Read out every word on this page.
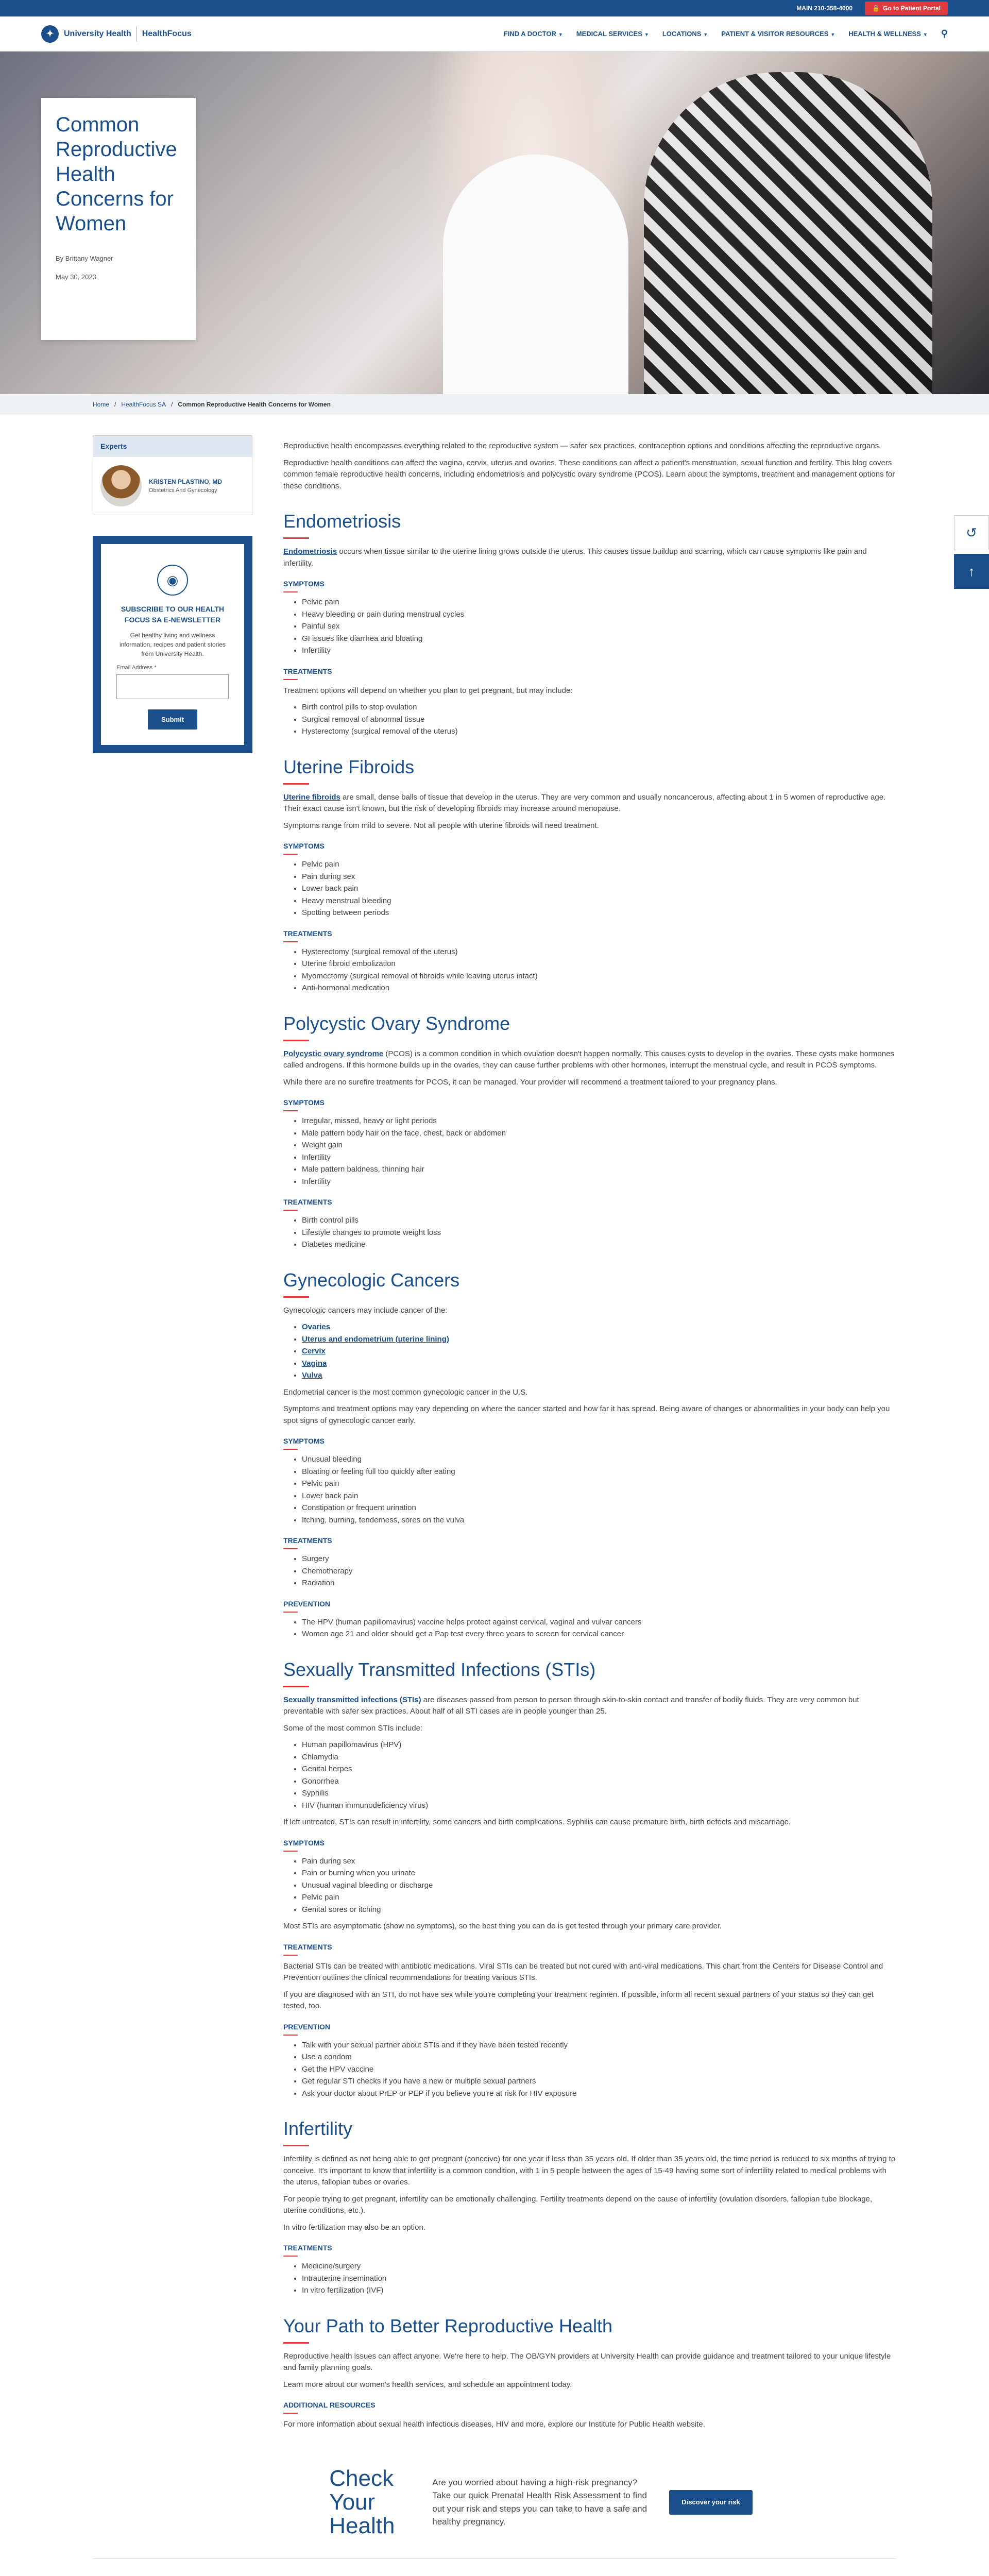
MAIN 210-358-4000	🔒 Go to Patient Portal
✦	University Health HealthFocus	FIND A DOCTOR ▼ MEDICAL SERVICES ▼ LOCATIONS ▼ PATIENT & VISITOR RESOURCES ▼ HEALTH & WELLNESS ▼ ⚲
Common Reproductive Health Concerns for Women
By Brittany Wagner
May 30, 2023
Home / HealthFocus SA / Common Reproductive Health Concerns for Women
Experts
KRISTEN PLASTINO, MD
Obstetrics And Gynecology
◉
SUBSCRIBE TO OUR HEALTH FOCUS SA E-NEWSLETTER

Get healthy living and wellness information, recipes and patient stories from University Health.

Email Address *
Submit

Reproductive health encompasses everything related to the reproductive system — safer sex practices, contraception options and conditions affecting the reproductive organs.

Reproductive health conditions can affect the vagina, cervix, uterus and ovaries. These conditions can affect a patient's menstruation, sexual function and fertility. This blog covers common female reproductive health concerns, including endometriosis and polycystic ovary syndrome (PCOS). Learn about the symptoms, treatment and management options for these conditions.

Endometriosis

Endometriosis occurs when tissue similar to the uterine lining grows outside the uterus. This causes tissue buildup and scarring, which can cause symptoms like pain and infertility.

SYMPTOMS
• Pelvic pain
• Heavy bleeding or pain during menstrual cycles
• Painful sex
• GI issues like diarrhea and bloating
• Infertility
TREATMENTS

Treatment options will depend on whether you plan to get pregnant, but may include:

• Birth control pills to stop ovulation
• Surgical removal of abnormal tissue
• Hysterectomy (surgical removal of the uterus)
Uterine Fibroids

Uterine fibroids are small, dense balls of tissue that develop in the uterus. They are very common and usually noncancerous, affecting about 1 in 5 women of reproductive age. Their exact cause isn't known, but the risk of developing fibroids may increase around menopause.

Symptoms range from mild to severe. Not all people with uterine fibroids will need treatment.

SYMPTOMS
• Pelvic pain
• Pain during sex
• Lower back pain
• Heavy menstrual bleeding
• Spotting between periods
TREATMENTS
• Hysterectomy (surgical removal of the uterus)
• Uterine fibroid embolization
• Myomectomy (surgical removal of fibroids while leaving uterus intact)
• Anti-hormonal medication
Polycystic Ovary Syndrome

Polycystic ovary syndrome (PCOS) is a common condition in which ovulation doesn't happen normally. This causes cysts to develop in the ovaries. These cysts make hormones called androgens. If this hormone builds up in the ovaries, they can cause further problems with other hormones, interrupt the menstrual cycle, and result in PCOS symptoms.

While there are no surefire treatments for PCOS, it can be managed. Your provider will recommend a treatment tailored to your pregnancy plans.

SYMPTOMS
• Irregular, missed, heavy or light periods
• Male pattern body hair on the face, chest, back or abdomen
• Weight gain
• Infertility
• Male pattern baldness, thinning hair
• Infertility
TREATMENTS
• Birth control pills
• Lifestyle changes to promote weight loss
• Diabetes medicine
Gynecologic Cancers

Gynecologic cancers may include cancer of the:

• Ovaries
• Uterus and endometrium (uterine lining)
• Cervix
• Vagina
• Vulva

Endometrial cancer is the most common gynecologic cancer in the U.S.

Symptoms and treatment options may vary depending on where the cancer started and how far it has spread. Being aware of changes or abnormalities in your body can help you spot signs of gynecologic cancer early.

SYMPTOMS
• Unusual bleeding
• Bloating or feeling full too quickly after eating
• Pelvic pain
• Lower back pain
• Constipation or frequent urination
• Itching, burning, tenderness, sores on the vulva
TREATMENTS
• Surgery
• Chemotherapy
• Radiation
PREVENTION
• The HPV (human papillomavirus) vaccine helps protect against cervical, vaginal and vulvar cancers
• Women age 21 and older should get a Pap test every three years to screen for cervical cancer
Sexually Transmitted Infections (STIs)

Sexually transmitted infections (STIs) are diseases passed from person to person through skin-to-skin contact and transfer of bodily fluids. They are very common but preventable with safer sex practices. About half of all STI cases are in people younger than 25.

Some of the most common STIs include:

• Human papillomavirus (HPV)
• Chlamydia
• Genital herpes
• Gonorrhea
• Syphilis
• HIV (human immunodeficiency virus)

If left untreated, STIs can result in infertility, some cancers and birth complications. Syphilis can cause premature birth, birth defects and miscarriage.

SYMPTOMS
• Pain during sex
• Pain or burning when you urinate
• Unusual vaginal bleeding or discharge
• Pelvic pain
• Genital sores or itching

Most STIs are asymptomatic (show no symptoms), so the best thing you can do is get tested through your primary care provider.

TREATMENTS

Bacterial STIs can be treated with antibiotic medications. Viral STIs can be treated but not cured with anti-viral medications. This chart from the Centers for Disease Control and Prevention outlines the clinical recommendations for treating various STIs.

If you are diagnosed with an STI, do not have sex while you're completing your treatment regimen. If possible, inform all recent sexual partners of your status so they can get tested, too.

PREVENTION
• Talk with your sexual partner about STIs and if they have been tested recently
• Use a condom
• Get the HPV vaccine
• Get regular STI checks if you have a new or multiple sexual partners
• Ask your doctor about PrEP or PEP if you believe you're at risk for HIV exposure
Infertility

Infertility is defined as not being able to get pregnant (conceive) for one year if less than 35 years old. If older than 35 years old, the time period is reduced to six months of trying to conceive. It's important to know that infertility is a common condition, with 1 in 5 people between the ages of 15-49 having some sort of infertility related to medical problems with the uterus, fallopian tubes or ovaries.

For people trying to get pregnant, infertility can be emotionally challenging. Fertility treatments depend on the cause of infertility (ovulation disorders, fallopian tube blockage, uterine conditions, etc.).

In vitro fertilization may also be an option.

TREATMENTS
• Medicine/surgery
• Intrauterine insemination
• In vitro fertilization (IVF)
Your Path to Better Reproductive Health

Reproductive health issues can affect anyone. We're here to help. The OB/GYN providers at University Health can provide guidance and treatment tailored to your unique lifestyle and family planning goals.

Learn more about our women's health services, and schedule an appointment today.

ADDITIONAL RESOURCES

For more information about sexual health infectious diseases, HIV and more, explore our Institute for Public Health website.

Check Your Health
Are you worried about having a high-risk pregnancy? Take our quick Prenatal Health Risk Assessment to find out your risk and steps you can take to have a safe and healthy pregnancy.
Discover your risk

↺
↑
